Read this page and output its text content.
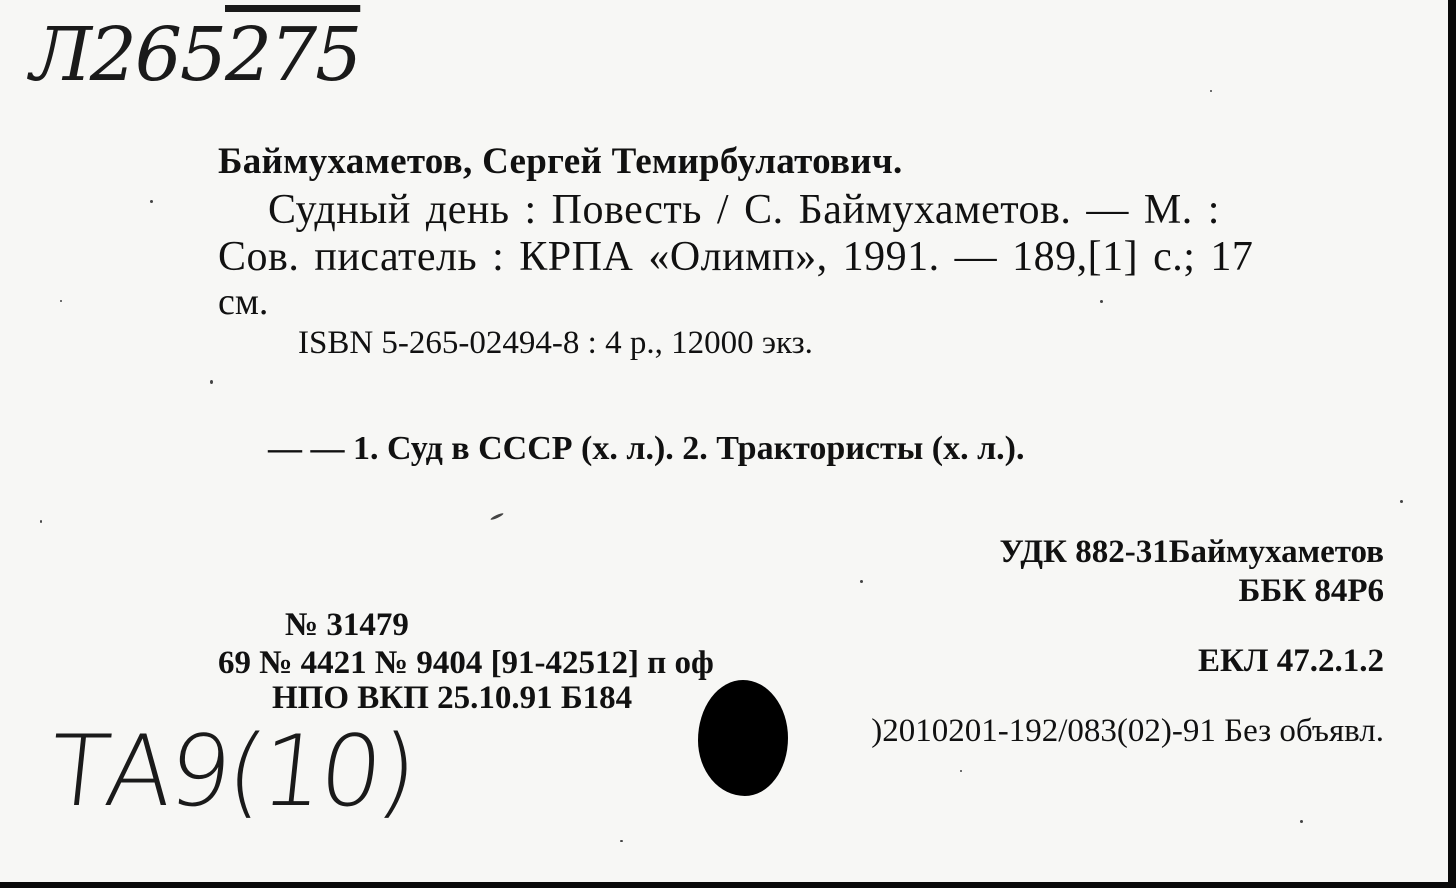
Л265275
Баймухаметов, Сергей Темирбулатович.
Судный день : Повесть / С. Баймухаметов. — М. :
Сов. писатель : КРПА «Олимп», 1991. — 189,[1] с.; 17
см.
ISBN 5-265-02494-8 : 4 р., 12000 экз.
— — 1. Суд в СССР (х. л.). 2. Трактористы (х. л.).
УДК 882-31Баймухаметов
ББК 84Р6
ЕКЛ 47.2.1.2
№ 31479
69 № 4421 № 9404 [91-42512] п оф
НПО ВКП 25.10.91 Б184
)2010201-192/083(02)-91 Без объявл.
ТА9(10)
